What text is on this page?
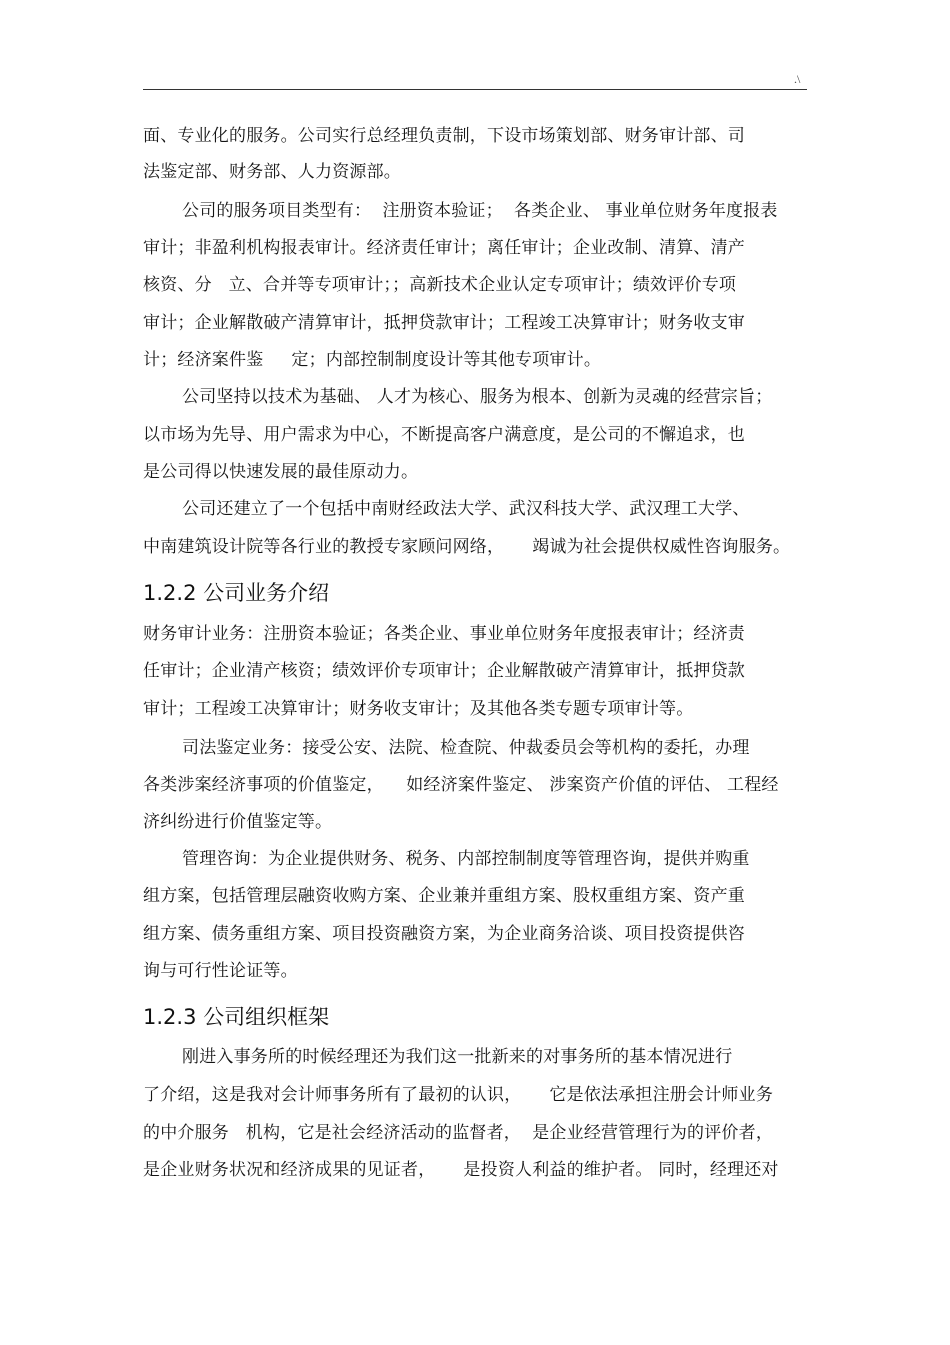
.\
面、专业化的服务。公司实行总经理负责制，下设市场策划部、财务审计部、司
法鉴定部、财务部、人力资源部。
公司的服务项目类型有：  注册资本验证；  各类企业、 事业单位财务年度报表
审计；非盈利机构报表审计。经济责任审计；离任审计；企业改制、清算、清产
核资、分   立、合并等专项审计；；高新技术企业认定专项审计；绩效评价专项
审计；企业解散破产清算审计，抵押贷款审计；工程竣工决算审计；财务收支审
计；经济案件鉴     定；内部控制制度设计等其他专项审计。
公司坚持以技术为基础、 人才为核心、服务为根本、创新为灵魂的经营宗旨；
以市场为先导、用户需求为中心，不断提高客户满意度，是公司的不懈追求，也
是公司得以快速发展的最佳原动力。
公司还建立了一个包括中南财经政法大学、武汉科技大学、武汉理工大学、
中南建筑设计院等各行业的教授专家顾问网络，     竭诚为社会提供权威性咨询服务。
1.2.2 公司业务介绍
财务审计业务：注册资本验证；各类企业、事业单位财务年度报表审计；经济责
任审计；企业清产核资；绩效评价专项审计；企业解散破产清算审计，抵押贷款
审计；工程竣工决算审计；财务收支审计；及其他各类专题专项审计等。
司法鉴定业务：接受公安、法院、检查院、仲裁委员会等机构的委托，办理
各类涉案经济事项的价值鉴定，    如经济案件鉴定、 涉案资产价值的评估、 工程经
济纠纷进行价值鉴定等。
管理咨询：为企业提供财务、税务、内部控制制度等管理咨询，提供并购重
组方案，包括管理层融资收购方案、企业兼并重组方案、股权重组方案、资产重
组方案、债务重组方案、项目投资融资方案，为企业商务洽谈、项目投资提供咨
询与可行性论证等。
1.2.3 公司组织框架
刚进入事务所的时候经理还为我们这一批新来的对事务所的基本情况进行
了介绍，这是我对会计师事务所有了最初的认识，     它是依法承担注册会计师业务
的中介服务   机构，它是社会经济活动的监督者，  是企业经营管理行为的评价者，
是企业财务状况和经济成果的见证者，     是投资人利益的维护者。 同时，经理还对
